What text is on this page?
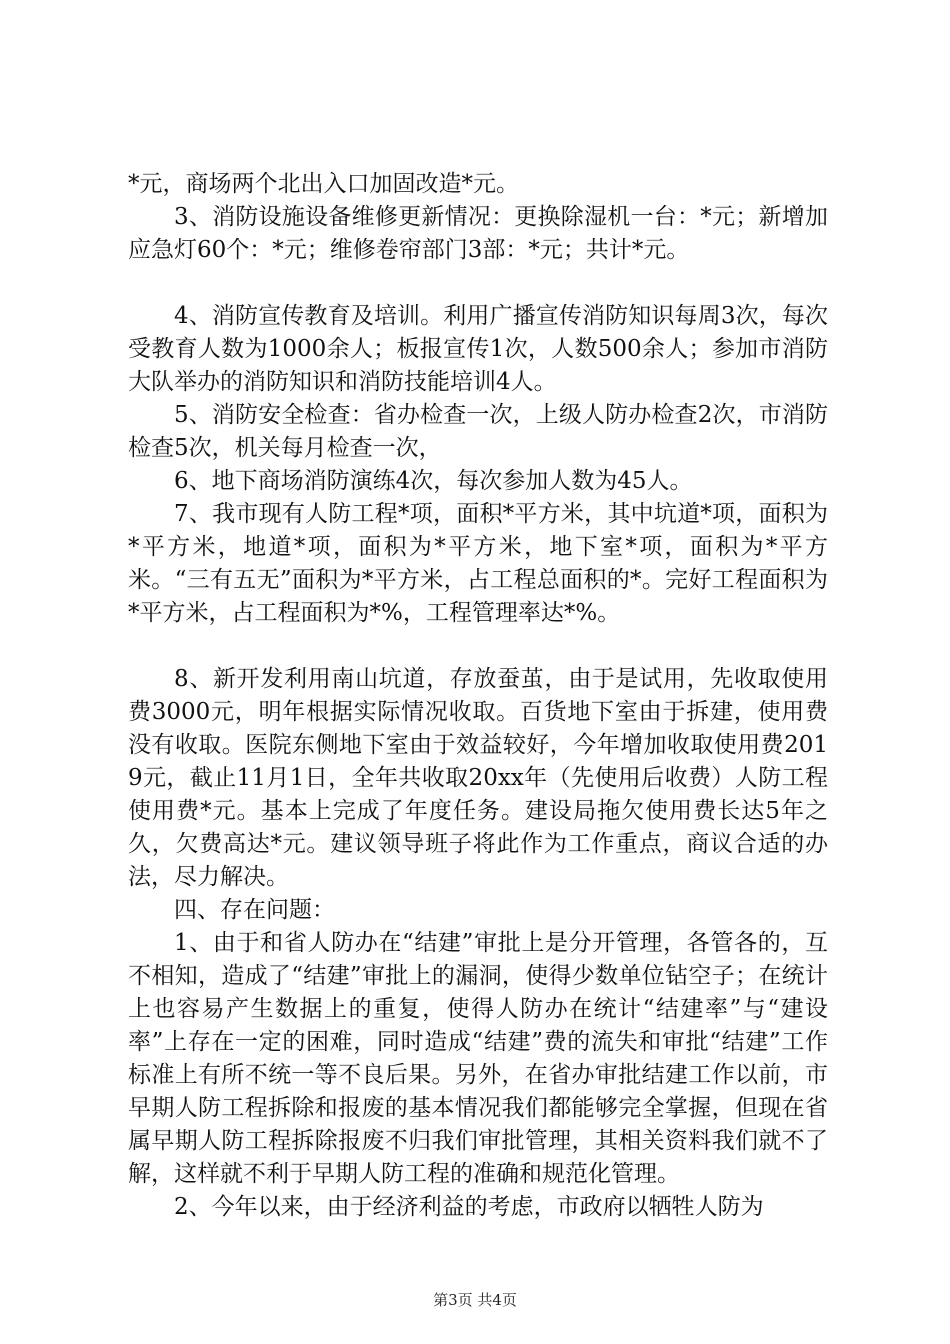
*元，商场两个北出入口加固改造*元。

3、消防设施设备维修更新情况：更换除湿机一台：*元；新增加应急灯60个：*元；维修卷帘部门3部：*元；共计*元。

4、消防宣传教育及培训。利用广播宣传消防知识每周3次，每次受教育人数为1000余人；板报宣传1次，人数500余人；参加市消防大队举办的消防知识和消防技能培训4人。

5、消防安全检查：省办检查一次，上级人防办检查2次，市消防检查5次，机关每月检查一次，

6、地下商场消防演练4次，每次参加人数为45人。

7、我市现有人防工程*项，面积*平方米，其中坑道*项，面积为*平方米，地道*项，面积为*平方米，地下室*项，面积为*平方米。“三有五无”面积为*平方米，占工程总面积的*。完好工程面积为*平方米，占工程面积为*%，工程管理率达*%。

8、新开发利用南山坑道，存放蚕茧，由于是试用，先收取使用费3000元，明年根据实际情况收取。百货地下室由于拆建，使用费没有收取。医院东侧地下室由于效益较好，今年增加收取使用费2019元，截止11月1日，全年共收取20xx年（先使用后收费）人防工程使用费*元。基本上完成了年度任务。建设局拖欠使用费长达5年之久，欠费高达*元。建议领导班子将此作为工作重点，商议合适的办法，尽力解决。

四、存在问题：

1、由于和省人防办在“结建”审批上是分开管理，各管各的，互不相知，造成了“结建”审批上的漏洞，使得少数单位钻空子；在统计上也容易产生数据上的重复，使得人防办在统计“结建率”与“建设率”上存在一定的困难，同时造成“结建”费的流失和审批“结建”工作标准上有所不统一等不良后果。另外，在省办审批结建工作以前，市早期人防工程拆除和报废的基本情况我们都能够完全掌握，但现在省属早期人防工程拆除报废不归我们审批管理，其相关资料我们就不了解，这样就不利于早期人防工程的准确和规范化管理。

2、今年以来，由于经济利益的考虑，市政府以牺牲人防为

第3页 共4页
